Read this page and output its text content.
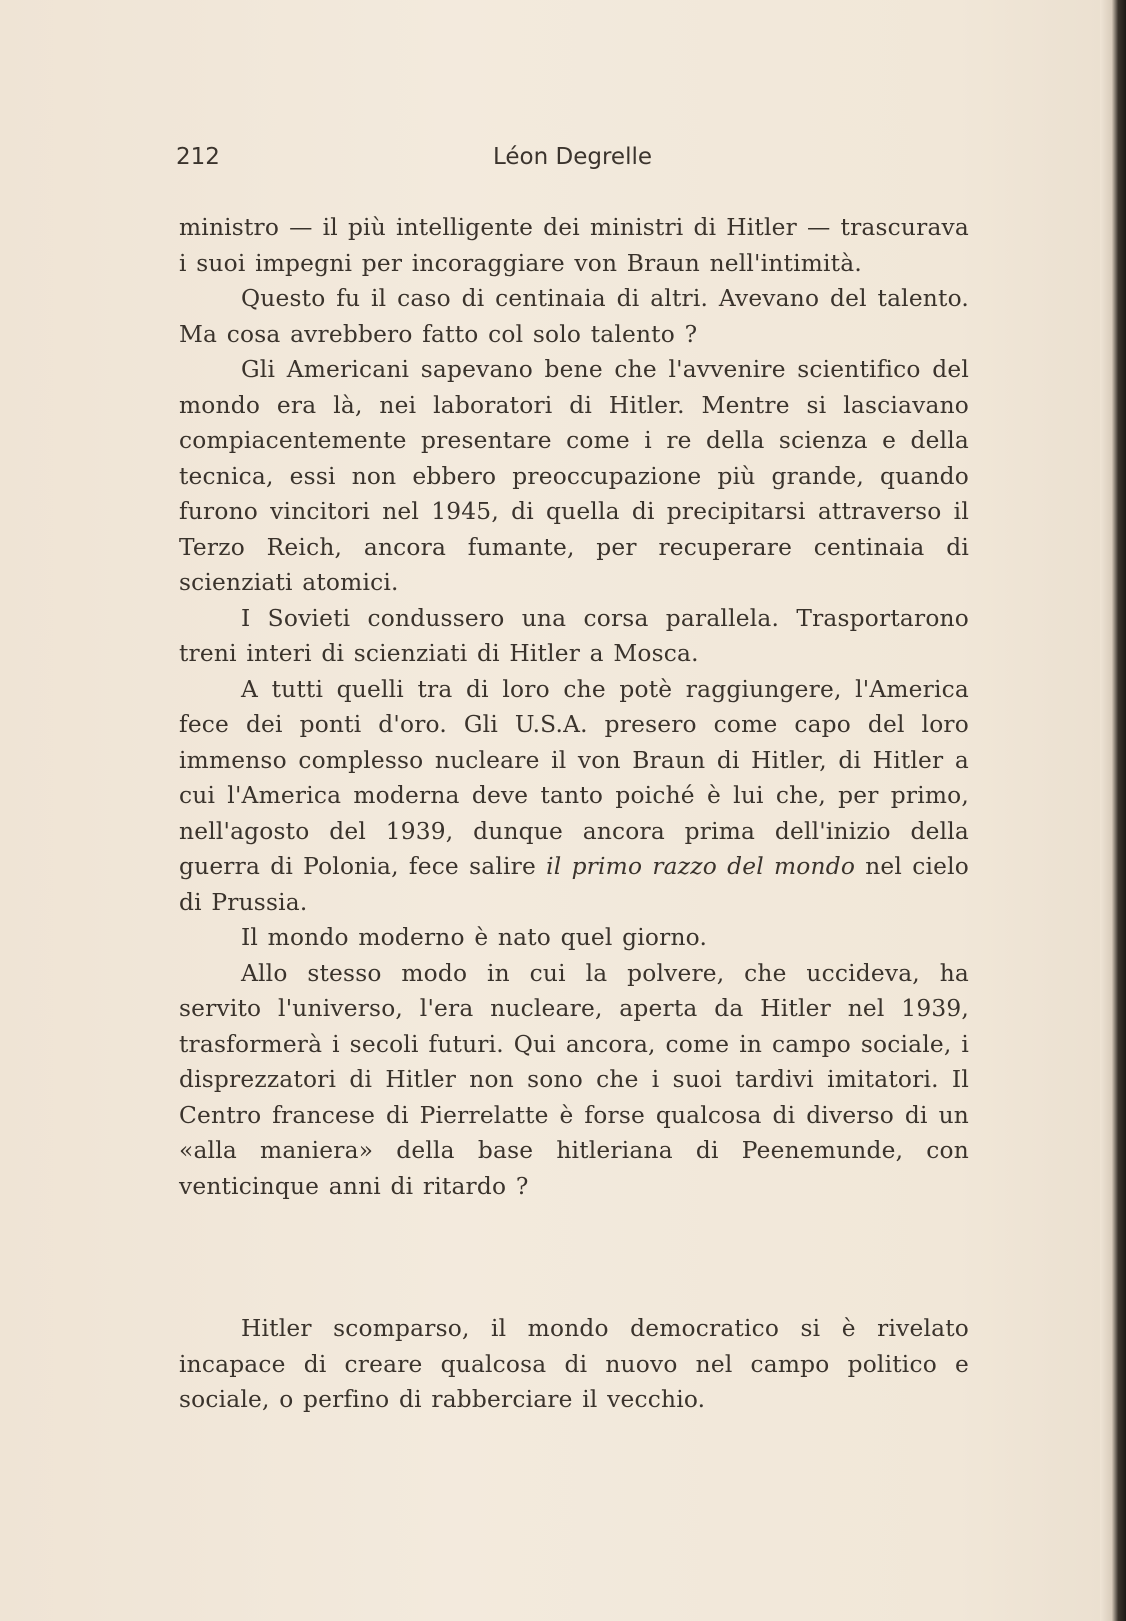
212	Léon Degrelle

ministro — il più intelligente dei ministri di Hitler — trascurava i suoi impegni per incoraggiare von Braun nell'intimità.

Questo fu il caso di centinaia di altri. Avevano del talento. Ma cosa avrebbero fatto col solo talento ?

Gli Americani sapevano bene che l'avvenire scientifico del mondo era là, nei laboratori di Hitler. Mentre si lasciavano compiacentemente presentare come i re della scienza e della tecnica, essi non ebbero preoccupazione più grande, quando furono vincitori nel 1945, di quella di precipitarsi attraverso il Terzo Reich, ancora fumante, per recuperare centinaia di scienziati atomici.

I Sovieti condussero una corsa parallela. Trasportarono treni interi di scienziati di Hitler a Mosca.

A tutti quelli tra di loro che potè raggiungere, l'America fece dei ponti d'oro. Gli U.S.A. presero come capo del loro immenso complesso nucleare il von Braun di Hitler, di Hitler a cui l'America moderna deve tanto poiché è lui che, per primo, nell'agosto del 1939, dunque ancora prima dell'inizio della guerra di Polonia, fece salire il primo razzo del mondo nel cielo di Prussia.

Il mondo moderno è nato quel giorno.

Allo stesso modo in cui la polvere, che uccideva, ha servito l'universo, l'era nucleare, aperta da Hitler nel 1939, trasformerà i secoli futuri. Qui ancora, come in campo sociale, i disprezzatori di Hitler non sono che i suoi tardivi imitatori. Il Centro francese di Pierrelatte è forse qualcosa di diverso di un «alla maniera» della base hitleriana di Peenemunde, con venticinque anni di ritardo ?

Hitler scomparso, il mondo democratico si è rivelato incapace di creare qualcosa di nuovo nel campo politico e sociale, o perfino di rabberciare il vecchio.
